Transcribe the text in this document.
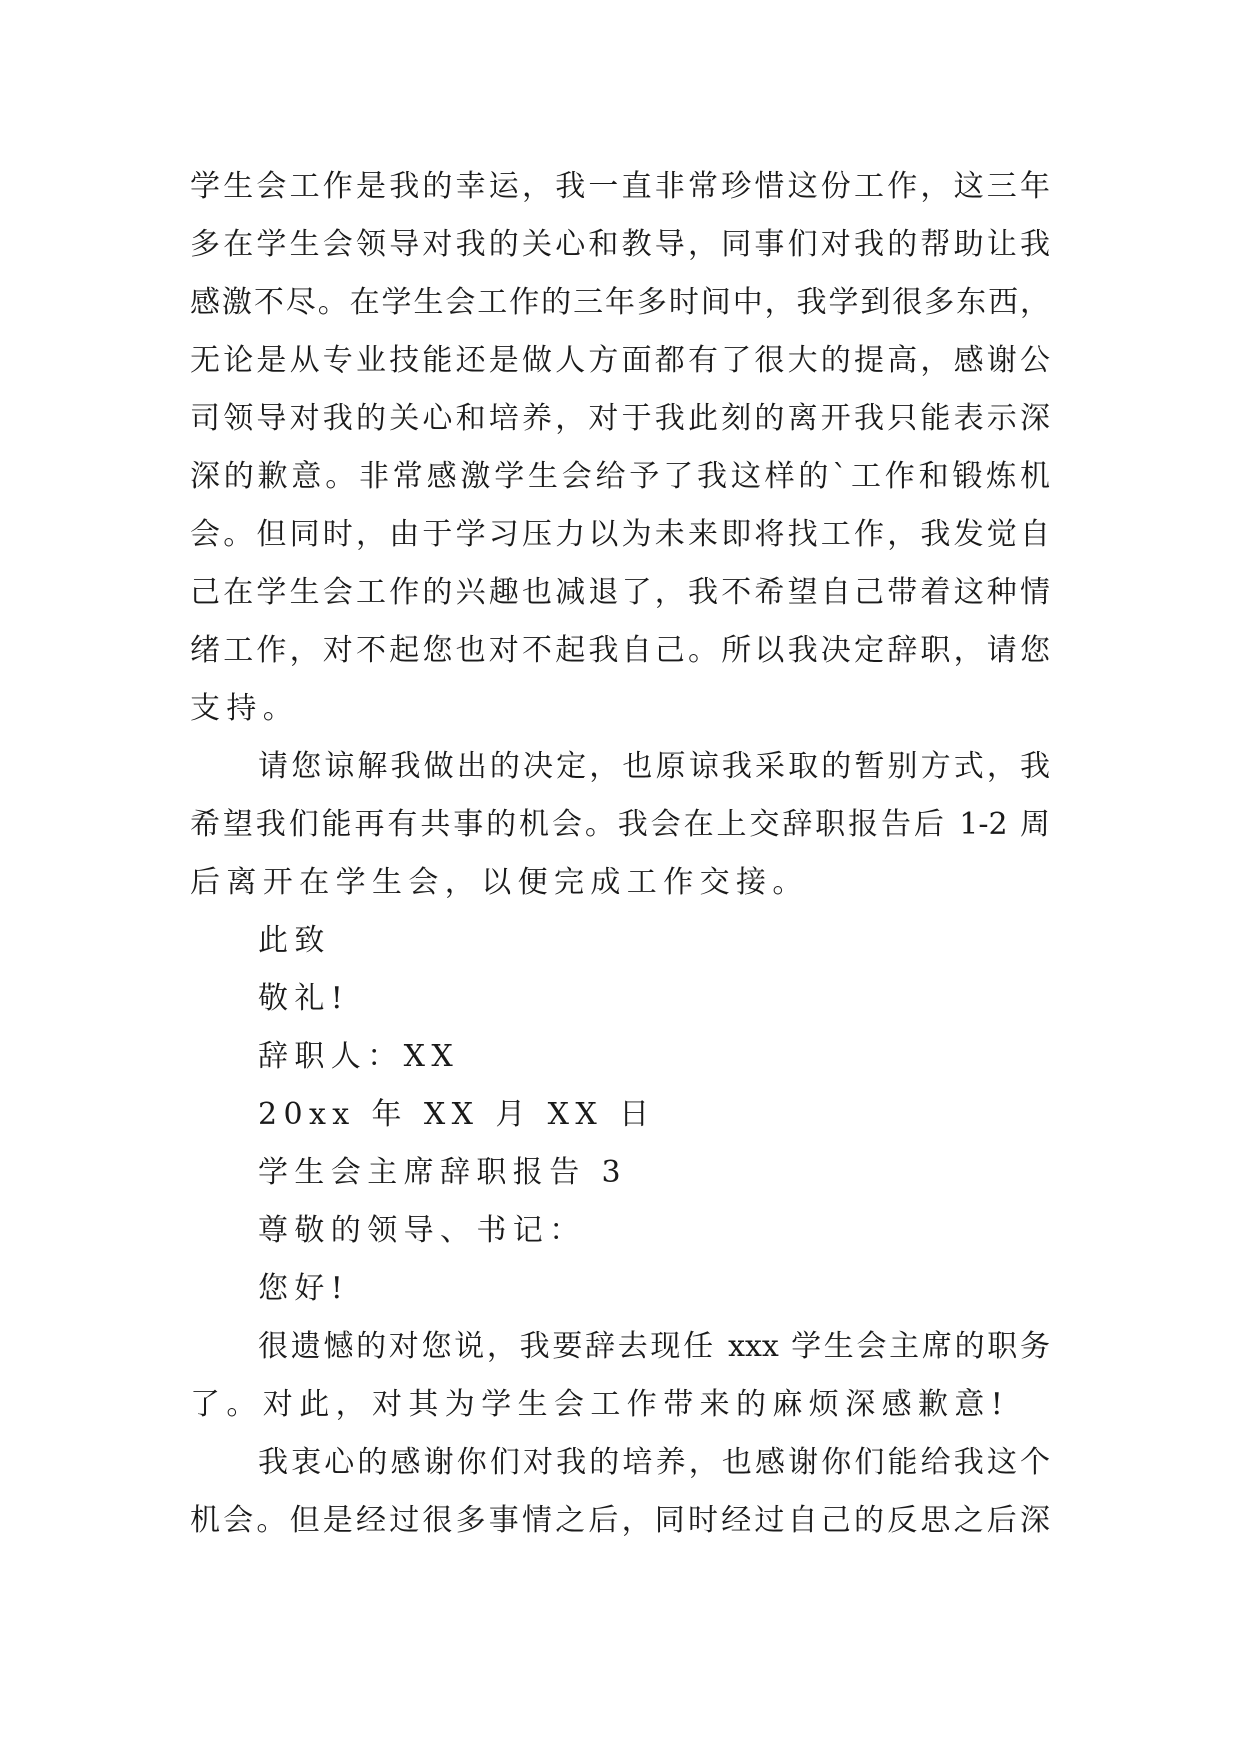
学生会工作是我的幸运，我一直非常珍惜这份工作，这三年
多在学生会领导对我的关心和教导，同事们对我的帮助让我
感激不尽。在学生会工作的三年多时间中，我学到很多东西，
无论是从专业技能还是做人方面都有了很大的提高，感谢公
司领导对我的关心和培养，对于我此刻的离开我只能表示深
深的歉意。非常感激学生会给予了我这样的`工作和锻炼机
会。但同时，由于学习压力以为未来即将找工作，我发觉自
己在学生会工作的兴趣也减退了，我不希望自己带着这种情
绪工作，对不起您也对不起我自己。所以我决定辞职，请您
支持。
请您谅解我做出的决定，也原谅我采取的暂别方式，我
希望我们能再有共事的机会。我会在上交辞职报告后 1-2 周
后离开在学生会，以便完成工作交接。
此致
敬礼!
辞职人：XX
20xx 年 XX 月 XX 日
学生会主席辞职报告 3
尊敬的领导、书记：
您好!
很遗憾的对您说，我要辞去现任 xxx 学生会主席的职务
了。对此，对其为学生会工作带来的麻烦深感歉意!
我衷心的感谢你们对我的培养，也感谢你们能给我这个
机会。但是经过很多事情之后，同时经过自己的反思之后深
